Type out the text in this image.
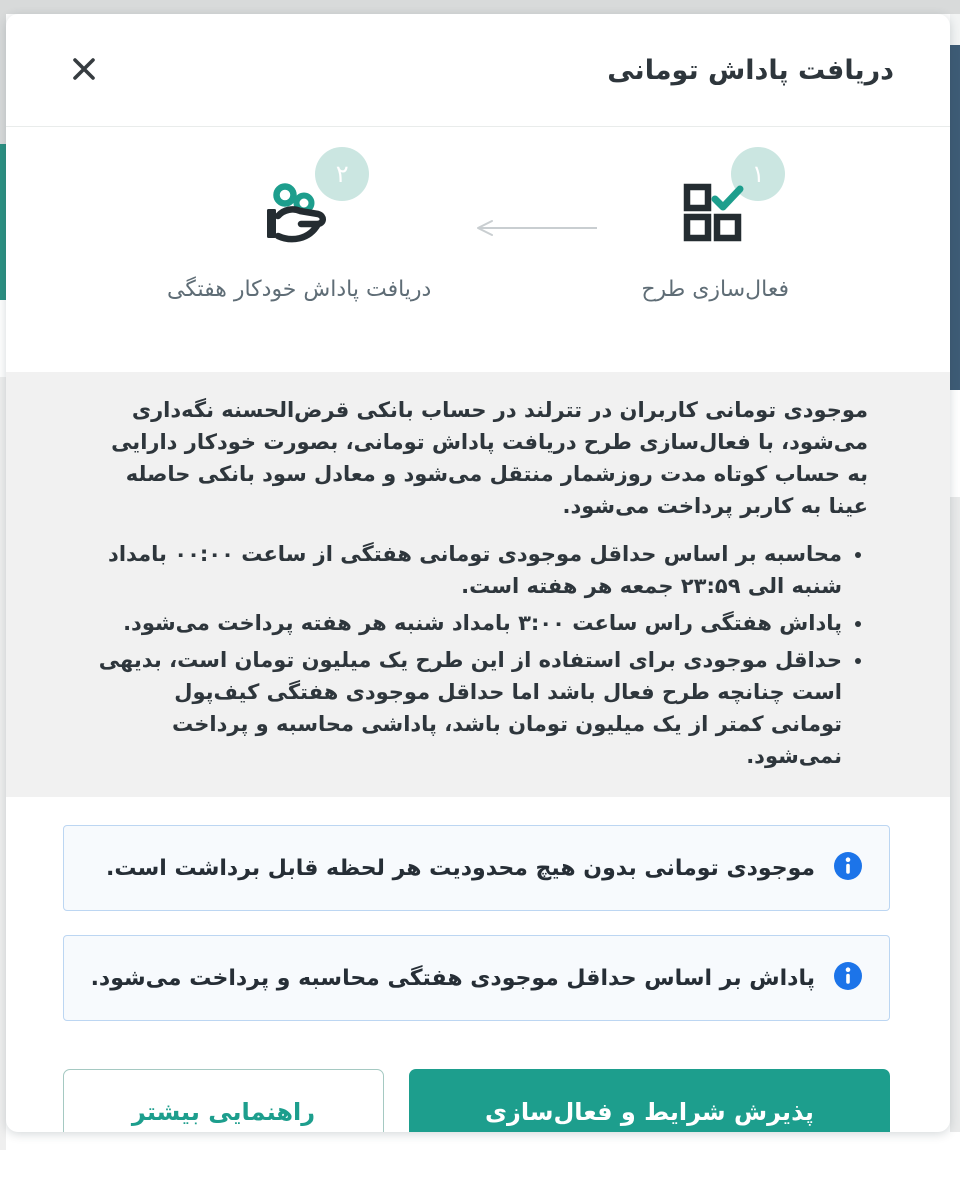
دریافت پاداش تومانی
۱
فعال‌سازی طرح
۲
دریافت پاداش خودکار هفتگی

موجودی تومانی کاربران در تترلند در حساب بانکی قرض‌الحسنه نگه‌داری می‌شود، با فعال‌سازی طرح دریافت پاداش تومانی، بصورت خودکار دارایی به حساب کوتاه مدت روزشمار منتقل می‌شود و معادل سود بانکی حاصله عینا به کاربر پرداخت می‌شود.

• محاسبه بر اساس حداقل موجودی تومانی هفتگی از ساعت ۰۰:۰۰ بامداد شنبه الی ۲۳:۵۹ جمعه هر هفته است.
• پاداش هفتگی راس ساعت ۳:۰۰ بامداد شنبه هر هفته پرداخت می‌شود.
• حداقل موجودی برای استفاده از این طرح یک میلیون تومان است، بدیهی است چنانچه طرح فعال باشد اما حداقل موجودی هفتگی کیف‌پول تومانی کمتر از یک میلیون تومان باشد، پاداشی محاسبه و پرداخت نمی‌شود.
موجودی تومانی بدون هیچ محدودیت هر لحظه قابل برداشت است.
پاداش بر اساس حداقل موجودی هفتگی محاسبه و پرداخت می‌شود.
پذیرش شرایط و فعال‌سازی
راهنمایی بیشتر
